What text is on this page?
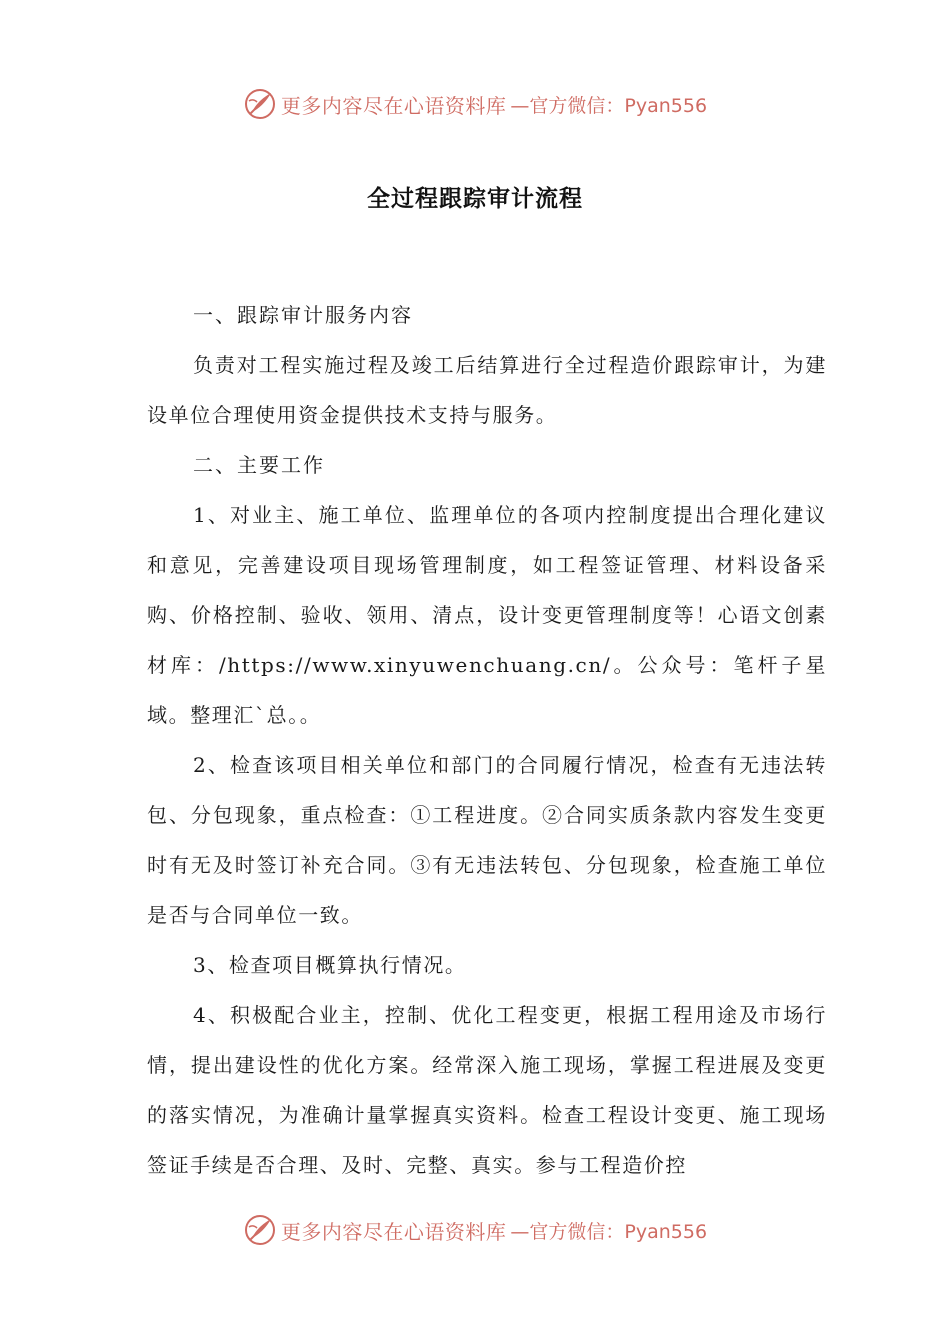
更多内容尽在心语资料库 —官方微信：Pyan556
全过程跟踪审计流程

一、跟踪审计服务内容

负责对工程实施过程及竣工后结算进行全过程造价跟踪审计，为建设单位合理使用资金提供技术支持与服务。

二、主要工作

1、对业主、施工单位、监理单位的各项内控制度提出合理化建议和意见，完善建设项目现场管理制度，如工程签证管理、材料设备采购、价格控制、验收、领用、清点，设计变更管理制度等！心语文创素材库：/https://www.xinyuwenchuang.cn/。公众号：笔杆子星域。整理汇`总。。

2、检查该项目相关单位和部门的合同履行情况，检查有无违法转包、分包现象，重点检查：①工程进度。②合同实质条款内容发生变更时有无及时签订补充合同。③有无违法转包、分包现象，检查施工单位是否与合同单位一致。

3、检查项目概算执行情况。

4、积极配合业主，控制、优化工程变更，根据工程用途及市场行情，提出建设性的优化方案。经常深入施工现场，掌握工程进展及变更的落实情况，为准确计量掌握真实资料。检查工程设计变更、施工现场签证手续是否合理、及时、完整、真实。参与工程造价控

更多内容尽在心语资料库 —官方微信：Pyan556
